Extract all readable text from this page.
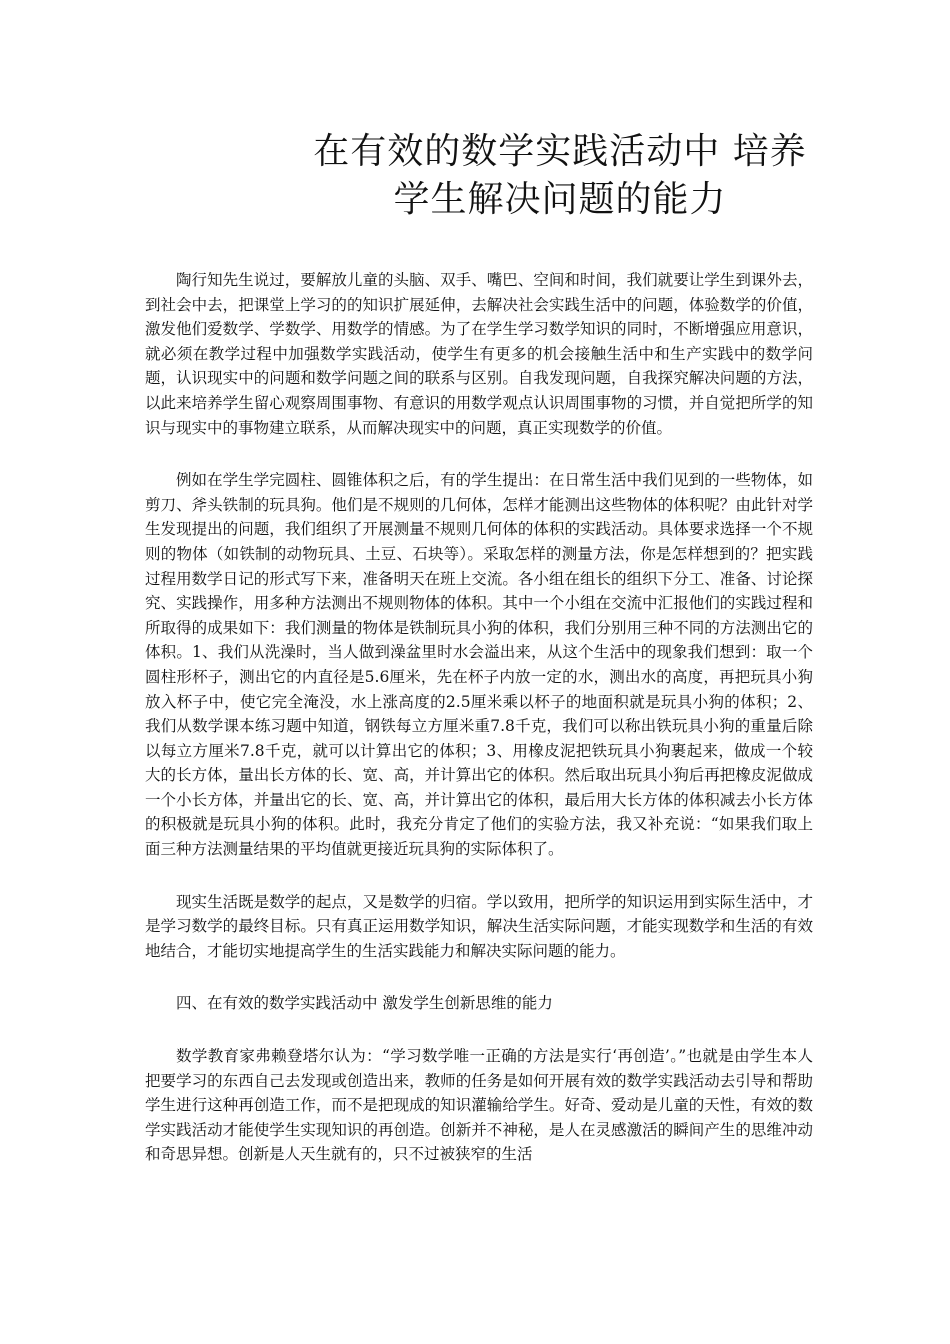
在有效的数学实践活动中 培养
学生解决问题的能力

陶行知先生说过，要解放儿童的头脑、双手、嘴巴、空间和时间，我们就要让学生到课外去，到社会中去，把课堂上学习的的知识扩展延伸，去解决社会实践生活中的问题，体验数学的价值，激发他们爱数学、学数学、用数学的情感。为了在学生学习数学知识的同时，不断增强应用意识，就必须在教学过程中加强数学实践活动，使学生有更多的机会接触生活中和生产实践中的数学问题，认识现实中的问题和数学问题之间的联系与区别。自我发现问题，自我探究解决问题的方法，以此来培养学生留心观察周围事物、有意识的用数学观点认识周围事物的习惯，并自觉把所学的知识与现实中的事物建立联系，从而解决现实中的问题，真正实现数学的价值。

例如在学生学完圆柱、圆锥体积之后，有的学生提出：在日常生活中我们见到的一些物体，如剪刀、斧头铁制的玩具狗。他们是不规则的几何体，怎样才能测出这些物体的体积呢？由此针对学生发现提出的问题，我们组织了开展测量不规则几何体的体积的实践活动。具体要求选择一个不规则的物体（如铁制的动物玩具、土豆、石块等）。采取怎样的测量方法，你是怎样想到的？把实践过程用数学日记的形式写下来，准备明天在班上交流。各小组在组长的组织下分工、准备、讨论探究、实践操作，用多种方法测出不规则物体的体积。其中一个小组在交流中汇报他们的实践过程和所取得的成果如下：我们测量的物体是铁制玩具小狗的体积，我们分别用三种不同的方法测出它的体积。1、我们从洗澡时，当人做到澡盆里时水会溢出来，从这个生活中的现象我们想到：取一个圆柱形杯子，测出它的内直径是5.6厘米，先在杯子内放一定的水，测出水的高度，再把玩具小狗放入杯子中，使它完全淹没，水上涨高度的2.5厘米乘以杯子的地面积就是玩具小狗的体积；2、我们从数学课本练习题中知道，钢铁每立方厘米重7.8千克，我们可以称出铁玩具小狗的重量后除以每立方厘米7.8千克，就可以计算出它的体积；3、用橡皮泥把铁玩具小狗裹起来，做成一个较大的长方体，量出长方体的长、宽、高，并计算出它的体积。然后取出玩具小狗后再把橡皮泥做成一个小长方体，并量出它的长、宽、高，并计算出它的体积，最后用大长方体的体积减去小长方体的积极就是玩具小狗的体积。此时，我充分肯定了他们的实验方法，我又补充说：“如果我们取上面三种方法测量结果的平均值就更接近玩具狗的实际体积了。

现实生活既是数学的起点，又是数学的归宿。学以致用，把所学的知识运用到实际生活中，才是学习数学的最终目标。只有真正运用数学知识，解决生活实际问题，才能实现数学和生活的有效地结合，才能切实地提高学生的生活实践能力和解决实际问题的能力。

四、在有效的数学实践活动中 激发学生创新思维的能力

数学教育家弗赖登塔尔认为：“学习数学唯一正确的方法是实行‘再创造’。”也就是由学生本人把要学习的东西自己去发现或创造出来，教师的任务是如何开展有效的数学实践活动去引导和帮助学生进行这种再创造工作，而不是把现成的知识灌输给学生。好奇、爱动是儿童的天性，有效的数学实践活动才能使学生实现知识的再创造。创新并不神秘，是人在灵感激活的瞬间产生的思维冲动和奇思异想。创新是人天生就有的，只不过被狭窄的生活
